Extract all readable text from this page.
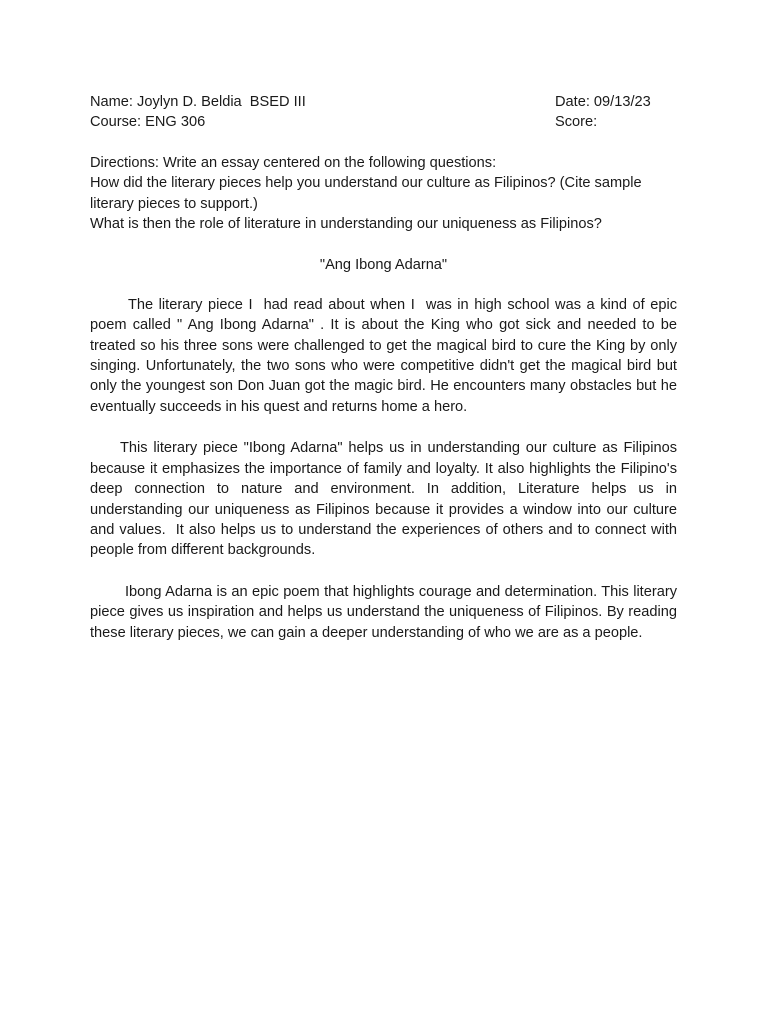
Name: Joylyn D. Beldia  BSED III	Date: 09/13/23
Course: ENG 306	Score:
Directions: Write an essay centered on the following questions:
How did the literary pieces help you understand our culture as Filipinos? (Cite sample literary pieces to support.)
What is then the role of literature in understanding our uniqueness as Filipinos?
"Ang Ibong Adarna"
The literary piece I  had read about when I  was in high school was a kind of epic poem called " Ang Ibong Adarna" . It is about the King who got sick and needed to be treated so his three sons were challenged to get the magical bird to cure the King by only singing. Unfortunately, the two sons who were competitive didn't get the magical bird but only the youngest son Don Juan got the magic bird. He encounters many obstacles but he eventually succeeds in his quest and returns home a hero.
This literary piece "Ibong Adarna" helps us in understanding our culture as Filipinos because it emphasizes the importance of family and loyalty. It also highlights the Filipino's deep connection to nature and environment. In addition, Literature helps us in understanding our uniqueness as Filipinos because it provides a window into our culture and values.  It also helps us to understand the experiences of others and to connect with people from different backgrounds.
Ibong Adarna is an epic poem that highlights courage and determination. This literary piece gives us inspiration and helps us understand the uniqueness of Filipinos. By reading these literary pieces, we can gain a deeper understanding of who we are as a people.
